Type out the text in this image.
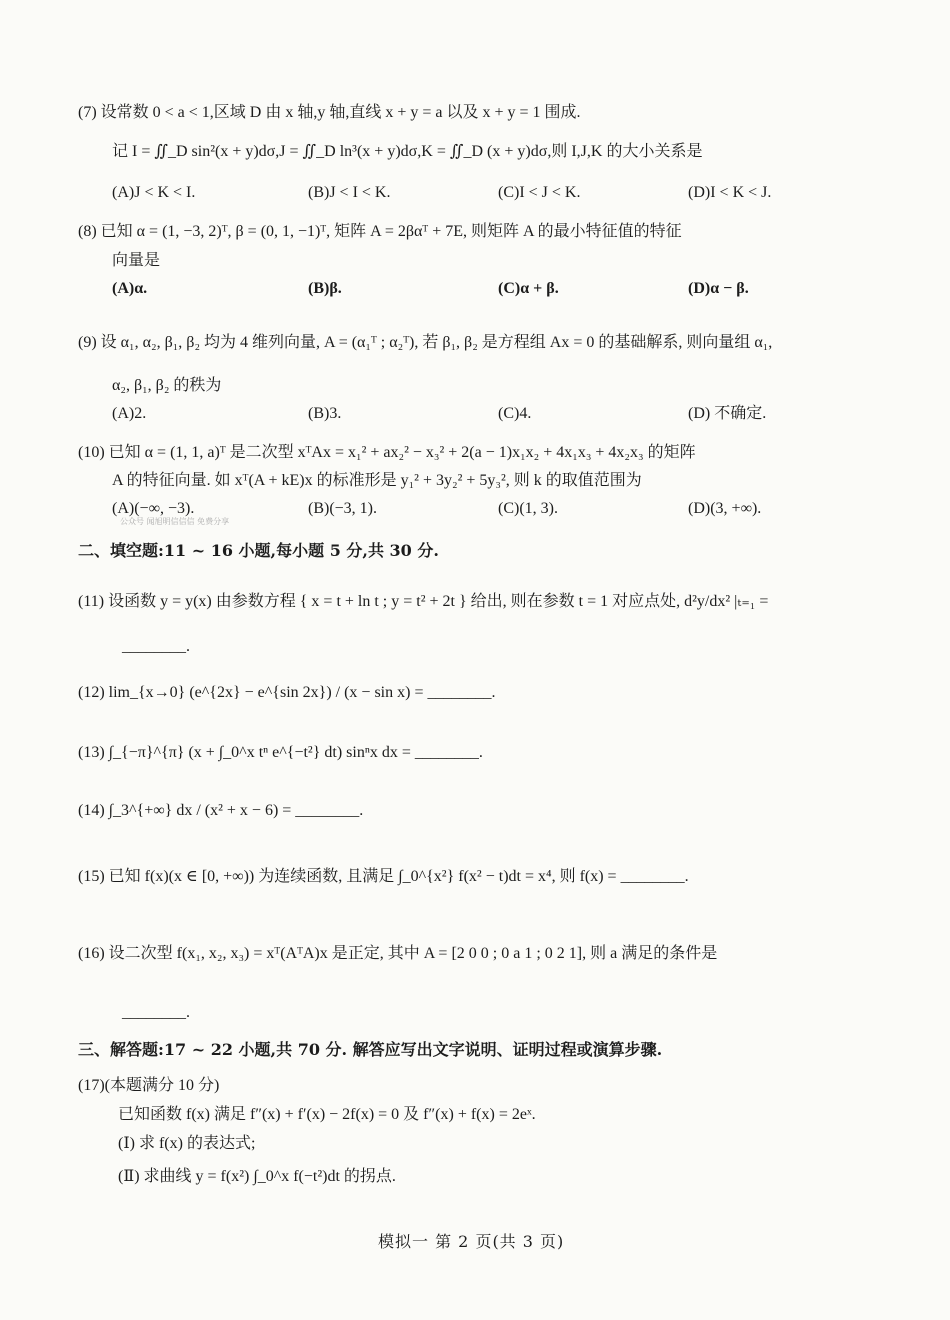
(7) 设常数 0 < a < 1,区域 D 由 x 轴,y 轴,直线 x + y = a 以及 x + y = 1 围成.
记 I = ∬_D sin²(x + y)dσ,J = ∬_D ln³(x + y)dσ,K = ∬_D (x + y)dσ,则 I,J,K 的大小关系是
(A)J < K < I.	(B)J < I < K.	(C)I < J < K.	(D)I < K < J.
(8) 已知 α = (1, −3, 2)ᵀ, β = (0, 1, −1)ᵀ, 矩阵 A = 2βαᵀ + 7E, 则矩阵 A 的最小特征值的特征
向量是
(A)α.	(B)β.	(C)α + β.	(D)α − β.
(9) 设 α₁, α₂, β₁, β₂ 均为 4 维列向量, A = (α₁ᵀ ; α₂ᵀ), 若 β₁, β₂ 是方程组 Ax = 0 的基础解系, 则向量组 α₁,
α₂, β₁, β₂ 的秩为
(A)2.	(B)3.	(C)4.	(D) 不确定.
(10) 已知 α = (1, 1, a)ᵀ 是二次型 xᵀAx = x₁² + ax₂² − x₃² + 2(a − 1)x₁x₂ + 4x₁x₃ + 4x₂x₃ 的矩阵
A 的特征向量. 如 xᵀ(A + kE)x 的标准形是 y₁² + 3y₂² + 5y₃², 则 k 的取值范围为
(A)(−∞, −3).	(B)(−3, 1).	(C)(1, 3).	(D)(3, +∞).
公众号 闻旭明信信信 免费分享
二、填空题:11 ~ 16 小题,每小题 5 分,共 30 分.
(11) 设函数 y = y(x) 由参数方程 { x = t + ln t ; y = t² + 2t } 给出, 则在参数 t = 1 对应点处, d²y/dx² |ₜ₌₁ =
________.
(12) lim_{x→0} (e^{2x} − e^{sin 2x}) / (x − sin x) = ________.
(13) ∫_{−π}^{π} (x + ∫_0^x tⁿ e^{−t²} dt) sinⁿx dx = ________.
(14) ∫_3^{+∞} dx / (x² + x − 6) = ________.
(15) 已知 f(x)(x ∈ [0, +∞)) 为连续函数, 且满足 ∫_0^{x²} f(x² − t)dt = x⁴, 则 f(x) = ________.
(16) 设二次型 f(x₁, x₂, x₃) = xᵀ(AᵀA)x 是正定, 其中 A = [2 0 0 ; 0 a 1 ; 0 2 1], 则 a 满足的条件是
________.
三、解答题:17 ~ 22 小题,共 70 分. 解答应写出文字说明、证明过程或演算步骤.
(17)(本题满分 10 分)
已知函数 f(x) 满足 f″(x) + f′(x) − 2f(x) = 0 及 f″(x) + f(x) = 2eˣ.
(Ⅰ) 求 f(x) 的表达式;
(Ⅱ) 求曲线 y = f(x²) ∫_0^x f(−t²)dt 的拐点.
模拟一 第 2 页(共 3 页)
